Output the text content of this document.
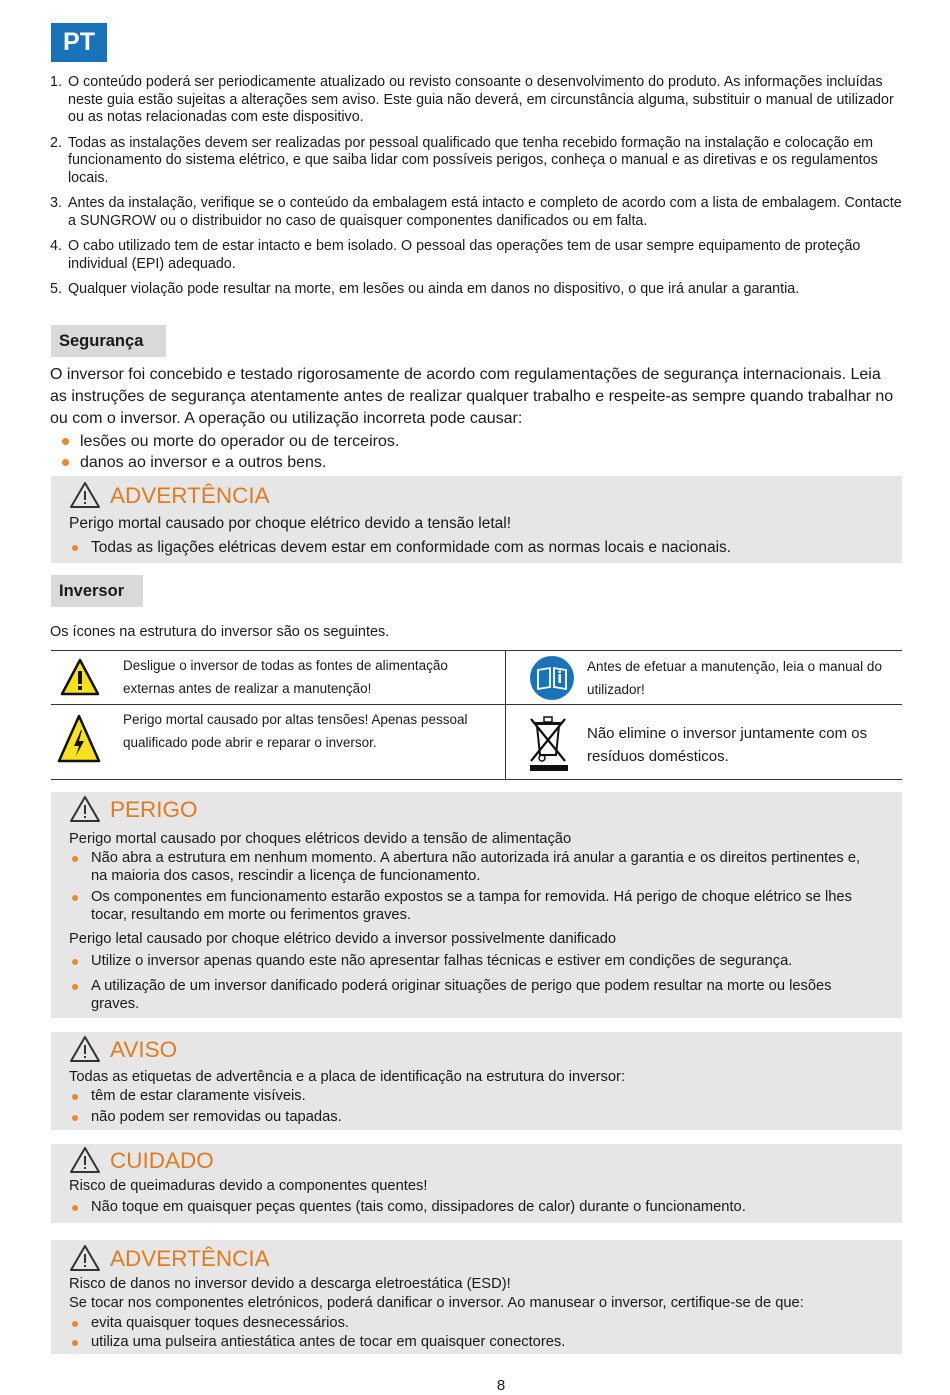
PT
1. O conteúdo poderá ser periodicamente atualizado ou revisto consoante o desenvolvimento do produto. As informações incluídas neste guia estão sujeitas a alterações sem aviso. Este guia não deverá, em circunstância alguma, substituir o manual de utilizador ou as notas relacionadas com este dispositivo.
2. Todas as instalações devem ser realizadas por pessoal qualificado que tenha recebido formação na instalação e colocação em funcionamento do sistema elétrico, e que saiba lidar com possíveis perigos, conheça o manual e as diretivas e os regulamentos locais.
3. Antes da instalação, verifique se o conteúdo da embalagem está intacto e completo de acordo com a lista de embalagem. Contacte a SUNGROW ou o distribuidor no caso de quaisquer componentes danificados ou em falta.
4. O cabo utilizado tem de estar intacto e bem isolado. O pessoal das operações tem de usar sempre equipamento de proteção individual (EPI) adequado.
5. Qualquer violação pode resultar na morte, em lesões ou ainda em danos no dispositivo, o que irá anular a garantia.
Segurança
O inversor foi concebido e testado rigorosamente de acordo com regulamentações de segurança internacionais. Leia as instruções de segurança atentamente antes de realizar qualquer trabalho e respeite-as sempre quando trabalhar no ou com o inversor. A operação ou utilização incorreta pode causar:
lesões ou morte do operador ou de terceiros.
danos ao inversor e a outros bens.
ADVERTÊNCIA
Perigo mortal causado por choque elétrico devido a tensão letal!
Todas as ligações elétricas devem estar em conformidade com as normas locais e nacionais.
Inversor
Os ícones na estrutura do inversor são os seguintes.
Desligue o inversor de todas as fontes de alimentação externas antes de realizar a manutenção!
Antes de efetuar a manutenção, leia o manual do utilizador!
Perigo mortal causado por altas tensões! Apenas pessoal qualificado pode abrir e reparar o inversor.	Não elimine o inversor juntamente com os resíduos domésticos.
PERIGO
Perigo mortal causado por choques elétricos devido a tensão de alimentação
Não abra a estrutura em nenhum momento. A abertura não autorizada irá anular a garantia e os direitos pertinentes e, na maioria dos casos, rescindir a licença de funcionamento.
Os componentes em funcionamento estarão expostos se a tampa for removida. Há perigo de choque elétrico se lhes tocar, resultando em morte ou ferimentos graves.
Perigo letal causado por choque elétrico devido a inversor possivelmente danificado
Utilize o inversor apenas quando este não apresentar falhas técnicas e estiver em condições de segurança.
A utilização de um inversor danificado poderá originar situações de perigo que podem resultar na morte ou lesões graves.
AVISO
Todas as etiquetas de advertência e a placa de identificação na estrutura do inversor:
têm de estar claramente visíveis.
não podem ser removidas ou tapadas.
CUIDADO
Risco de queimaduras devido a componentes quentes!
Não toque em quaisquer peças quentes (tais como, dissipadores de calor) durante o funcionamento.
ADVERTÊNCIA
Risco de danos no inversor devido a descarga eletroestática (ESD)!
Se tocar nos componentes eletrónicos, poderá danificar o inversor. Ao manusear o inversor, certifique-se de que:
evita quaisquer toques desnecessários.
utiliza uma pulseira antiestática antes de tocar em quaisquer conectores.
8
